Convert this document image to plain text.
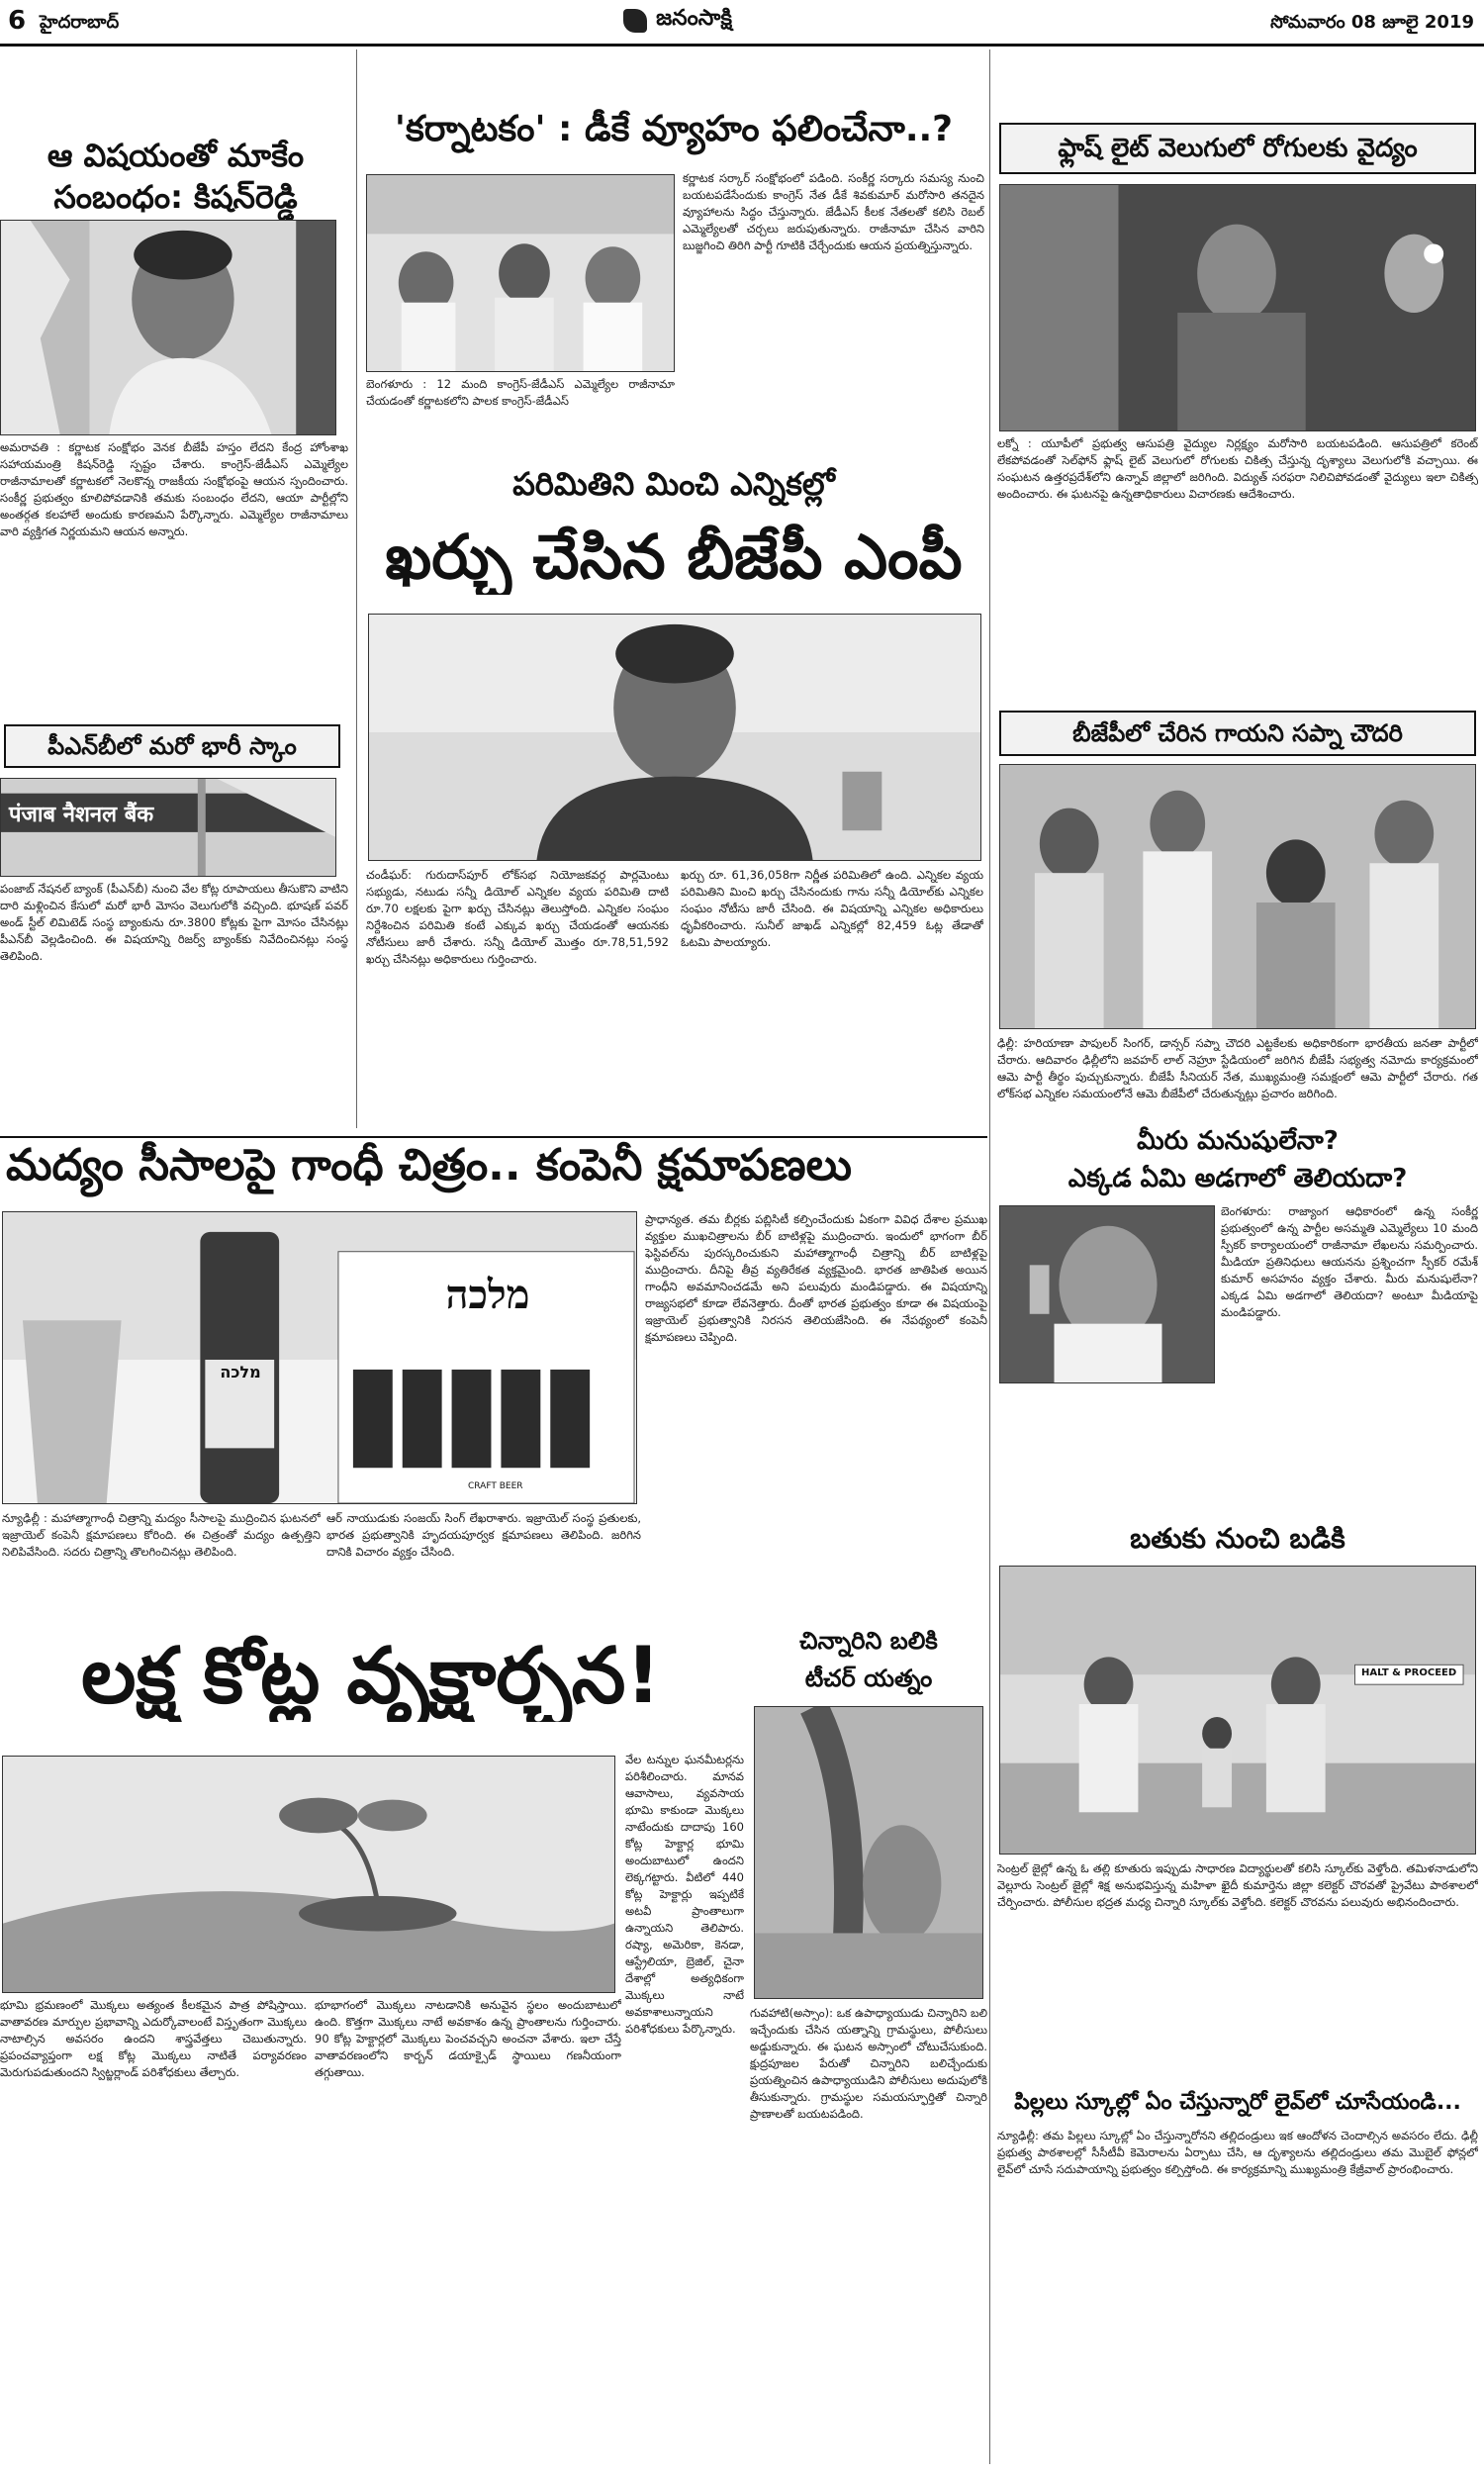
6 హైదరాబాద్	జనంసాక్షి	సోమవారం 08 జూలై 2019
ఆ విషయంతో మాకేం
సంబంధం: కిషన్‌రెడ్డి
అమరావతి : కర్ణాటక సంక్షోభం వెనక బీజేపీ హస్తం లేదని కేంద్ర హోంశాఖ సహాయమంత్రి కిషన్‌రెడ్డి స్పష్టం చేశారు. కాంగ్రెస్‌-జేడీఎస్‌ ఎమ్మెల్యేల రాజీనామాలతో కర్ణాటకలో నెలకొన్న రాజకీయ సంక్షోభంపై ఆయన స్పందించారు. సంకీర్ణ ప్రభుత్వం కూలిపోవడానికి తమకు సంబంధం లేదని, ఆయా పార్టీల్లోని అంతర్గత కలహాలే అందుకు కారణమని పేర్కొన్నారు. ఎమ్మెల్యేల రాజీనామాలు వారి వ్యక్తిగత నిర్ణయమని ఆయన అన్నారు.
పీఎన్‌బీలో మరో భారీ స్కాం
पंजाब नैशनल बैंक
పంజాబ్‌ నేషనల్‌ బ్యాంక్‌ (పీఎన్‌బీ) నుంచి వేల కోట్ల రూపాయలు తీసుకొని వాటిని దారి మళ్లించిన కేసులో మరో భారీ మోసం వెలుగులోకి వచ్చింది. భూషణ్‌ పవర్‌ అండ్‌ స్టీల్‌ లిమిటెడ్‌ సంస్థ బ్యాంకును రూ.3800 కోట్లకు పైగా మోసం చేసినట్లు పీఎన్‌బీ వెల్లడించింది. ఈ విషయాన్ని రిజర్వ్‌ బ్యాంక్‌కు నివేదించినట్లు సంస్థ తెలిపింది.
'కర్నాటకం' : డీకే వ్యూహం ఫలించేనా..?
బెంగళూరు : 12 మంది కాంగ్రెస్‌-జేడీఎస్‌ ఎమ్మెల్యేల రాజీనామా చేయడంతో కర్ణాటకలోని పాలక కాంగ్రెస్‌-జేడీఎస్‌
కర్ణాటక సర్కార్‌ సంక్షోభంలో పడింది. సంకీర్ణ సర్కారు సమస్య నుంచి బయటపడేసేందుకు కాంగ్రెస్‌ నేత డీకే శివకుమార్‌ మరోసారి తనదైన వ్యూహాలను సిద్ధం చేస్తున్నారు. జేడీఎస్‌ కీలక నేతలతో కలిసి రెబల్‌ ఎమ్మెల్యేలతో చర్చలు జరుపుతున్నారు. రాజీనామా చేసిన వారిని బుజ్జగించి తిరిగి పార్టీ గూటికి చేర్చేందుకు ఆయన ప్రయత్నిస్తున్నారు.
పరిమితిని మించి ఎన్నికల్లో
ఖర్చు చేసిన బీజేపీ ఎంపీ
చండీఘర్‌: గురుదాస్‌పూర్‌ లోక్‌సభ నియోజకవర్గ పార్లమెంటు సభ్యుడు, నటుడు సన్నీ డియోల్‌ ఎన్నికల వ్యయ పరిమితి దాటి రూ.70 లక్షలకు పైగా ఖర్చు చేసినట్లు తెలుస్తోంది. ఎన్నికల సంఘం నిర్దేశించిన పరిమితి కంటే ఎక్కువ ఖర్చు చేయడంతో ఆయనకు నోటీసులు జారీ చేశారు. సన్నీ డియోల్‌ మొత్తం రూ.78,51,592 ఖర్చు చేసినట్లు అధికారులు గుర్తించారు.
ఖర్చు రూ. 61,36,058గా నిర్ణీత పరిమితిలో ఉంది. ఎన్నికల వ్యయ పరిమితిని మించి ఖర్చు చేసినందుకు గాను సన్నీ డియోల్‌కు ఎన్నికల సంఘం నోటీసు జారీ చేసింది. ఈ విషయాన్ని ఎన్నికల అధికారులు ధృవీకరించారు. సునీల్‌ జాఖడ్‌ ఎన్నికల్లో 82,459 ఓట్ల తేడాతో ఓటమి పాలయ్యారు.
ఫ్లాష్‌ లైట్‌ వెలుగులో రోగులకు వైద్యం
లక్నో : యూపీలో ప్రభుత్వ ఆసుపత్రి వైద్యుల నిర్లక్ష్యం మరోసారి బయటపడింది. ఆసుపత్రిలో కరెంట్‌ లేకపోవడంతో సెల్‌ఫోన్‌ ఫ్లాష్‌ లైట్‌ వెలుగులో రోగులకు చికిత్స చేస్తున్న దృశ్యాలు వెలుగులోకి వచ్చాయి. ఈ సంఘటన ఉత్తరప్రదేశ్‌లోని ఉన్నావ్‌ జిల్లాలో జరిగింది. విద్యుత్‌ సరఫరా నిలిచిపోవడంతో వైద్యులు ఇలా చికిత్స అందించారు. ఈ ఘటనపై ఉన్నతాధికారులు విచారణకు ఆదేశించారు.
బీజేపీలో చేరిన గాయని సప్నా చౌదరి
ఢిల్లీ: హరియాణా పాపులర్‌ సింగర్‌, డాన్సర్‌ సప్నా చౌదరి ఎట్టకేలకు అధికారికంగా భారతీయ జనతా పార్టీలో చేరారు. ఆదివారం ఢిల్లీలోని జవహర్‌ లాల్‌ నెహ్రూ స్టేడియంలో జరిగిన బీజేపీ సభ్యత్వ నమోదు కార్యక్రమంలో ఆమె పార్టీ తీర్థం పుచ్చుకున్నారు. బీజేపీ సీనియర్‌ నేత, ముఖ్యమంత్రి సమక్షంలో ఆమె పార్టీలో చేరారు. గత లోక్‌సభ ఎన్నికల సమయంలోనే ఆమె బీజేపీలో చేరుతున్నట్లు ప్రచారం జరిగింది.
మీరు మనుషులేనా?
ఎక్కడ ఏమి అడగాలో తెలియదా?
బెంగళూరు: రాజ్యాంగ ఆధికారంలో ఉన్న సంకీర్ణ ప్రభుత్వంలో ఉన్న పార్టీల అసమ్మతి ఎమ్మెల్యేలు 10 మంది స్పీకర్‌ కార్యాలయంలో రాజీనామా లేఖలను సమర్పించారు. మీడియా ప్రతినిధులు ఆయనను ప్రశ్నించగా స్పీకర్‌ రమేశ్‌ కుమార్‌ అసహనం వ్యక్తం చేశారు. మీరు మనుషులేనా? ఎక్కడ ఏమి అడగాలో తెలియదా? అంటూ మీడియాపై మండిపడ్డారు.
బతుకు నుంచి బడికి
HALT & PROCEED
సెంట్రల్‌ జైల్లో ఉన్న ఓ తల్లి కూతురు ఇప్పుడు సాధారణ విద్యార్థులతో కలిసి స్కూల్‌కు వెళ్తోంది. తమిళనాడులోని వెల్లూరు సెంట్రల్‌ జైల్లో శిక్ష అనుభవిస్తున్న మహిళా ఖైదీ కుమార్తెను జిల్లా కలెక్టర్‌ చొరవతో ప్రైవేటు పాఠశాలలో చేర్పించారు. పోలీసుల భద్రత మధ్య చిన్నారి స్కూల్‌కు వెళ్తోంది. కలెక్టర్‌ చొరవను పలువురు అభినందించారు.
పిల్లలు స్కూల్లో ఏం చేస్తున్నారో లైవ్‌లో చూసేయండి...
న్యూఢిల్లీ: తమ పిల్లలు స్కూల్లో ఏం చేస్తున్నారోనని తల్లిదండ్రులు ఇక ఆందోళన చెందాల్సిన అవసరం లేదు. ఢిల్లీ ప్రభుత్వ పాఠశాలల్లో సీసీటీవీ కెమెరాలను ఏర్పాటు చేసి, ఆ దృశ్యాలను తల్లిదండ్రులు తమ మొబైల్‌ ఫోన్లలో లైవ్‌లో చూసే సదుపాయాన్ని ప్రభుత్వం కల్పిస్తోంది. ఈ కార్యక్రమాన్ని ముఖ్యమంత్రి కేజ్రీవాల్‌ ప్రారంభించారు.
మద్యం సీసాలపై గాంధీ చిత్రం.. కంపెనీ క్షమాపణలు
מלכה
מלכה
CRAFT BEER
ప్రాధాన్యత. తమ బీర్లకు పబ్లిసిటీ కల్పించేందుకు ఏకంగా వివిధ దేశాల ప్రముఖ వ్యక్తుల ముఖచిత్రాలను బీర్‌ బాటిళ్లపై ముద్రించారు. ఇందులో భాగంగా బీర్‌ ఫెస్టివల్‌ను పురస్కరించుకుని మహాత్మాగాంధీ చిత్రాన్ని బీర్‌ బాటిళ్లపై ముద్రించారు. దీనిపై తీవ్ర వ్యతిరేకత వ్యక్తమైంది. భారత జాతిపిత అయిన గాంధీని అవమానించడమే అని పలువురు మండిపడ్డారు. ఈ విషయాన్ని రాజ్యసభలో కూడా లేవనెత్తారు. దీంతో భారత ప్రభుత్వం కూడా ఈ విషయంపై ఇజ్రాయెల్‌ ప్రభుత్వానికి నిరసన తెలియజేసింది. ఈ నేపథ్యంలో కంపెనీ క్షమాపణలు చెప్పింది.
న్యూఢిల్లీ : మహాత్మాగాంధీ చిత్రాన్ని మద్యం సీసాలపై ముద్రించిన ఘటనలో ఇజ్రాయెల్‌ కంపెనీ క్షమాపణలు కోరింది. ఈ చిత్రంతో మద్యం ఉత్పత్తిని నిలిపివేసింది. సదరు చిత్రాన్ని తొలగించినట్లు తెలిపింది.
ఆర్‌ నాయుడుకు సంజయ్‌ సింగ్‌ లేఖరాశారు. ఇజ్రాయెల్‌ సంస్థ ప్రతులకు, భారత ప్రభుత్వానికి హృదయపూర్వక క్షమాపణలు తెలిపింది. జరిగిన దానికి విచారం వ్యక్తం చేసింది.
లక్ష కోట్ల వృక్షార్చన!
భూమి భ్రమణంలో మొక్కలు అత్యంత కీలకమైన పాత్ర పోషిస్తాయి. వాతావరణ మార్పుల ప్రభావాన్ని ఎదుర్కోవాలంటే విస్తృతంగా మొక్కలు నాటాల్సిన అవసరం ఉందని శాస్త్రవేత్తలు చెబుతున్నారు. ప్రపంచవ్యాప్తంగా లక్ష కోట్ల మొక్కలు నాటితే పర్యావరణం మెరుగుపడుతుందని స్విట్జర్లాండ్‌ పరిశోధకులు తేల్చారు.
భూభాగంలో మొక్కలు నాటడానికి అనువైన స్థలం అందుబాటులో ఉంది. కొత్తగా మొక్కలు నాటే అవకాశం ఉన్న ప్రాంతాలను గుర్తించారు. 90 కోట్ల హెక్టార్లలో మొక్కలు పెంచవచ్చని అంచనా వేశారు. ఇలా చేస్తే వాతావరణంలోని కార్బన్‌ డయాక్సైడ్‌ స్థాయిలు గణనీయంగా తగ్గుతాయి.
వేల టన్నుల ఘనమీటర్లను పరిశీలించారు. మానవ ఆవాసాలు, వ్యవసాయ భూమి కాకుండా మొక్కలు నాటేందుకు దాదాపు 160 కోట్ల హెక్టార్ల భూమి అందుబాటులో ఉందని లెక్కగట్టారు. వీటిలో 440 కోట్ల హెక్టార్లు ఇప్పటికే అటవీ ప్రాంతాలుగా ఉన్నాయని తెలిపారు. రష్యా, అమెరికా, కెనడా, ఆస్ట్రేలియా, బ్రెజిల్‌, చైనా దేశాల్లో అత్యధికంగా మొక్కలు నాటే అవకాశాలున్నాయని పరిశోధకులు పేర్కొన్నారు.
చిన్నారిని బలికి
టీచర్‌ యత్నం
గువహాటి(అస్సాం): ఒక ఉపాధ్యాయుడు చిన్నారిని బలి ఇచ్చేందుకు చేసిన యత్నాన్ని గ్రామస్థులు, పోలీసులు అడ్డుకున్నారు. ఈ ఘటన అస్సాంలో చోటుచేసుకుంది. క్షుద్రపూజల పేరుతో చిన్నారిని బలిచ్చేందుకు ప్రయత్నించిన ఉపాధ్యాయుడిని పోలీసులు అదుపులోకి తీసుకున్నారు. గ్రామస్థుల సమయస్ఫూర్తితో చిన్నారి ప్రాణాలతో బయటపడింది.
